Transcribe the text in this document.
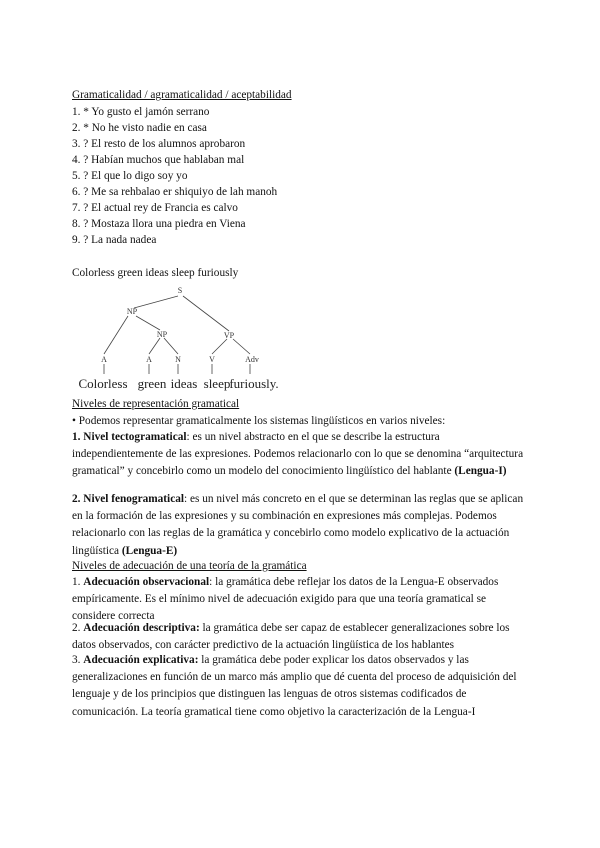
Gramaticalidad / agramaticalidad / aceptabilidad
1. * Yo gusto el jamón serrano
2. * No he visto nadie en casa
3. ? El resto de los alumnos aprobaron
4. ? Habían muchos que hablaban mal
5. ? El que lo digo soy yo
6. ? Me sa rehbalao er shiquiyo de lah manoh
7. ? El actual rey de Francia es calvo
8. ? Mostaza llora una piedra en Viena
9. ? La nada nadea
Colorless green ideas sleep furiously
S
NP
NP	VP
A	A	N	V	Adv
Colorless green ideas sleep
furiously.
Niveles de representación gramatical
• Podemos representar gramaticalmente los sistemas lingüísticos en varios niveles:
1. Nivel tectogramatical: es un nivel abstracto en el que se describe la estructura independientemente de las expresiones. Podemos relacionarlo con lo que se denomina “arquitectura gramatical” y concebirlo como un modelo del conocimiento lingüístico del hablante (Lengua-I)
2. Nivel fenogramatical: es un nivel más concreto en el que se determinan las reglas que se aplican en la formación de las expresiones y su combinación en expresiones más complejas. Podemos relacionarlo con las reglas de la gramática y concebirlo como modelo explicativo de la actuación lingüística (Lengua-E)
Niveles de adecuación de una teoría de la gramática
1. Adecuación observacional: la gramática debe reflejar los datos de la Lengua-E observados empíricamente. Es el mínimo nivel de adecuación exigido para que una teoría gramatical se considere correcta
2. Adecuación descriptiva: la gramática debe ser capaz de establecer generalizaciones sobre los datos observados, con carácter predictivo de la actuación lingüística de los hablantes
3. Adecuación explicativa: la gramática debe poder explicar los datos observados y las generalizaciones en función de un marco más amplio que dé cuenta del proceso de adquisición del lenguaje y de los principios que distinguen las lenguas de otros sistemas codificados de comunicación. La teoría gramatical tiene como objetivo la caracterización de la Lengua-I
